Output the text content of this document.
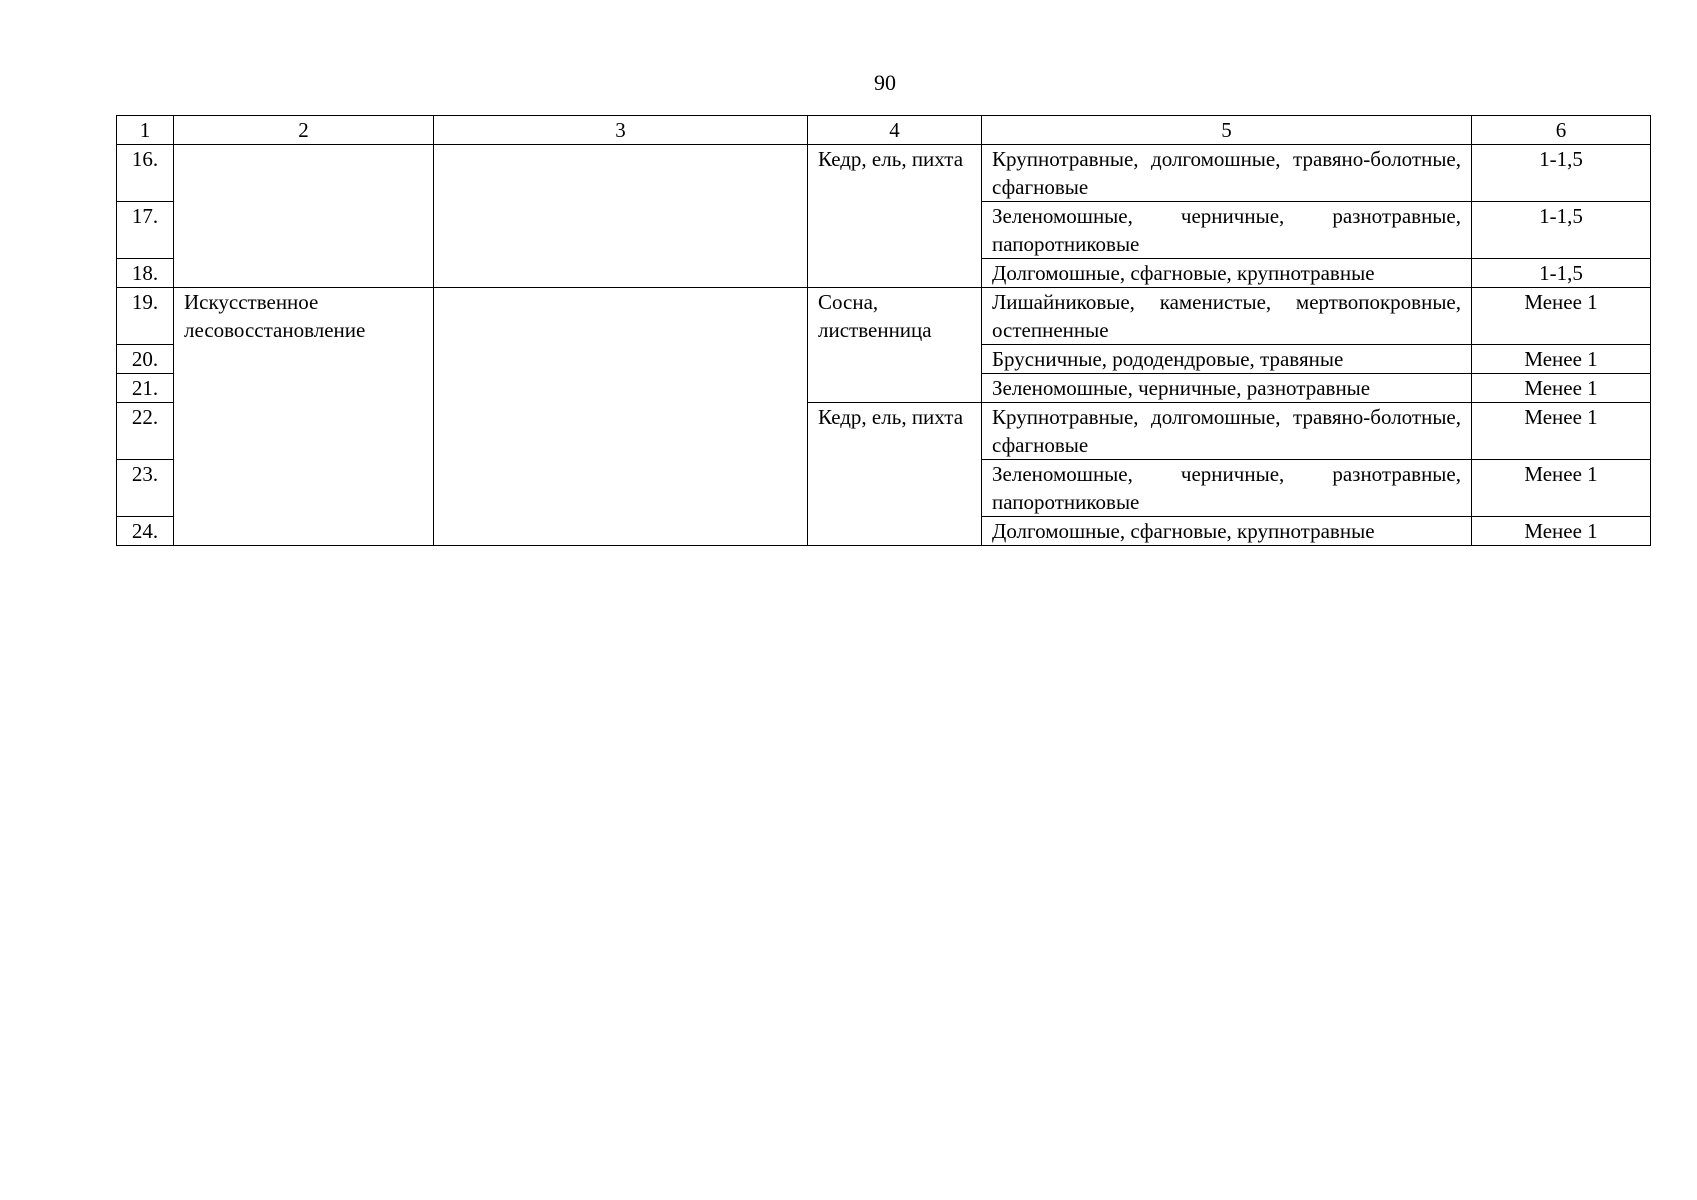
90
1	2	3	4	5	6
16.			Кедр, ель, пихта	Крупнотравные, долгомошные, травяно-болотные, сфагновые	1-1,5
17.				Зеленомошные, черничные, разнотравные, папоротниковые	1-1,5
18.				Долгомошные, сфагновые, крупнотравные	1-1,5
19.	Искусственное лесовосстановление		Сосна, лиственница	Лишайниковые, каменистые, мертвопокровные, остепненные	Менее 1
20.				Брусничные, рододендровые, травяные	Менее 1
21.				Зеленомошные, черничные, разнотравные	Менее 1
22.			Кедр, ель, пихта	Крупнотравные, долгомошные, травяно-болотные, сфагновые	Менее 1
23.				Зеленомошные, черничные, разнотравные, папоротниковые	Менее 1
24.				Долгомошные, сфагновые, крупнотравные	Менее 1
